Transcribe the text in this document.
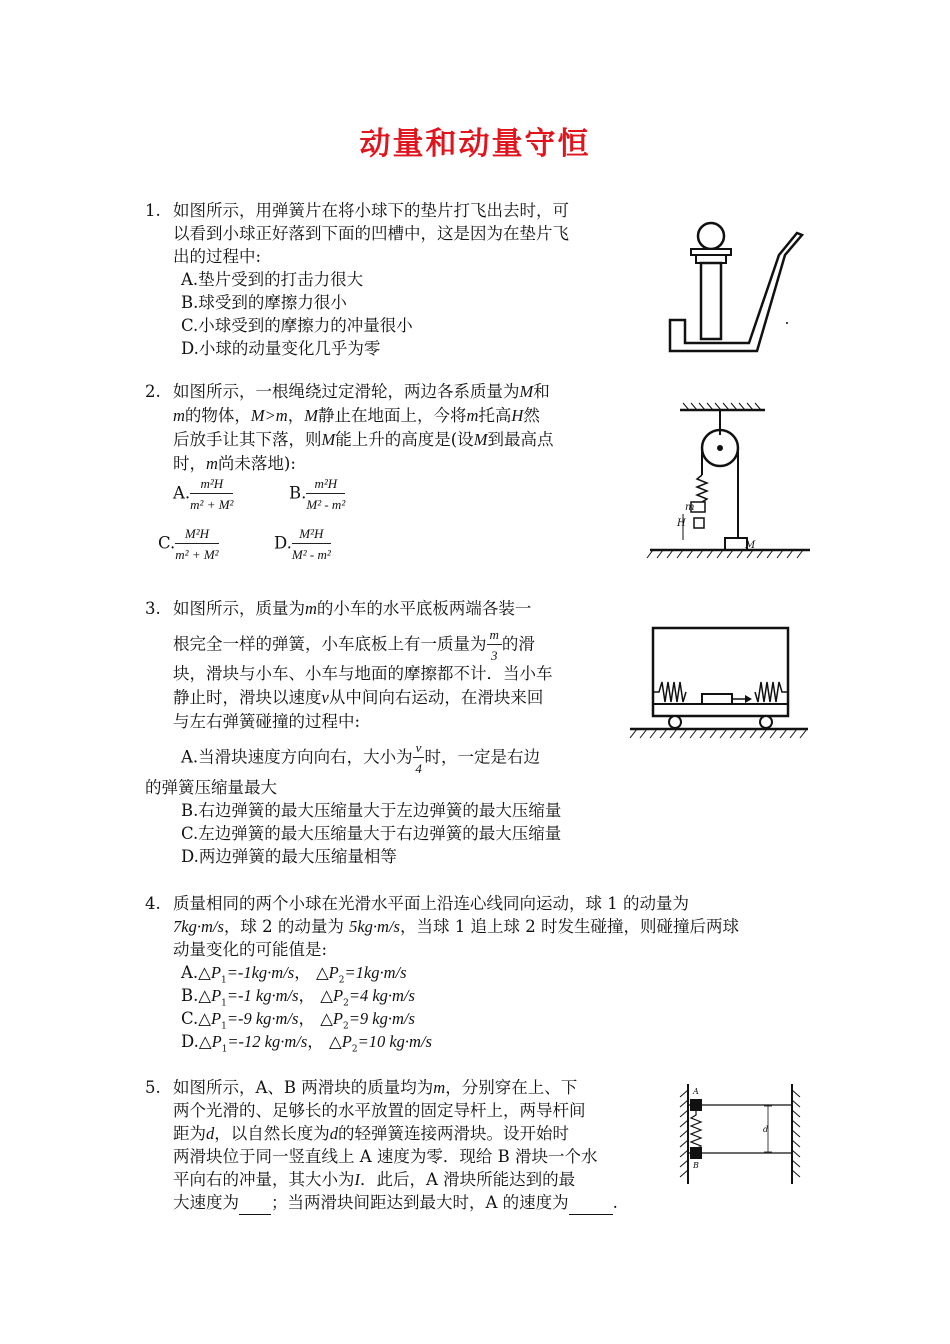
动量和动量守恒
1. 如图所示，用弹簧片在将小球下的垫片打飞出去时，可
以看到小球正好落到下面的凹槽中，这是因为在垫片飞
出的过程中:
A.垫片受到的打击力很大
B.球受到的摩擦力很小
C.小球受到的摩擦力的冲量很小
D.小球的动量变化几乎为零
2. 如图所示，一根绳绕过定滑轮，两边各系质量为M和
m的物体，M>m，M静止在地面上，今将m托高H然
后放手让其下落，则M能上升的高度是(设M到最高点
时，m尚未落地):
A. $\frac{\text{m²H}}{\text{m² + M²}}$	B. $\frac{\text{m²H}}{\text{M² - m²}}$
C. $\frac{\text{M²H}}{\text{m² + M²}}$	D. $\frac{\text{M²H}}{\text{M² - m²}}$
m
H
M
3. 如图所示，质量为m的小车的水平底板两端各装一
根完全一样的弹簧，小车底板上有一质量为 $\frac{m}{3}$ 的滑
块，滑块与小车、小车与地面的摩擦都不计．当小车
静止时，滑块以速度v从中间向右运动，在滑块来回
与左右弹簧碰撞的过程中:
A.当滑块速度方向向右，大小为 $\frac{v}{4}$ 时，一定是右边
的弹簧压缩量最大
B.右边弹簧的最大压缩量大于左边弹簧的最大压缩量
C.左边弹簧的最大压缩量大于右边弹簧的最大压缩量
D.两边弹簧的最大压缩量相等
4. 质量相同的两个小球在光滑水平面上沿连心线同向运动，球 1 的动量为
7kg·m/s，球 2 的动量为 5kg·m/s，当球 1 追上球 2 时发生碰撞，则碰撞后两球
动量变化的可能值是:
$A.\triangle P_1=-1kg\cdot m/s$， $\triangle P_2=1kg\cdot m/s$
$B.\triangle P_1=-1$ kg·m/s， $\triangle P_2=4$ kg·m/s
$C.\triangle P_1=-9$ kg·m/s， $\triangle P_2=9$ kg·m/s
$D.\triangle P_1=-12$ kg·m/s， $\triangle P_2=10$ kg·m/s
5. 如图所示，A、B 两滑块的质量均为m，分别穿在上、下
两个光滑的、足够长的水平放置的固定导杆上，两导杆间
距为d，以自然长度为d的轻弹簧连接两滑块。设开始时
两滑块位于同一竖直线上 A 速度为零．现给 B 滑块一个水
平向右的冲量，其大小为I．此后，A 滑块所能达到的最
大速度为 ；当两滑块间距达到最大时，A 的速度为	.
A
B
d
